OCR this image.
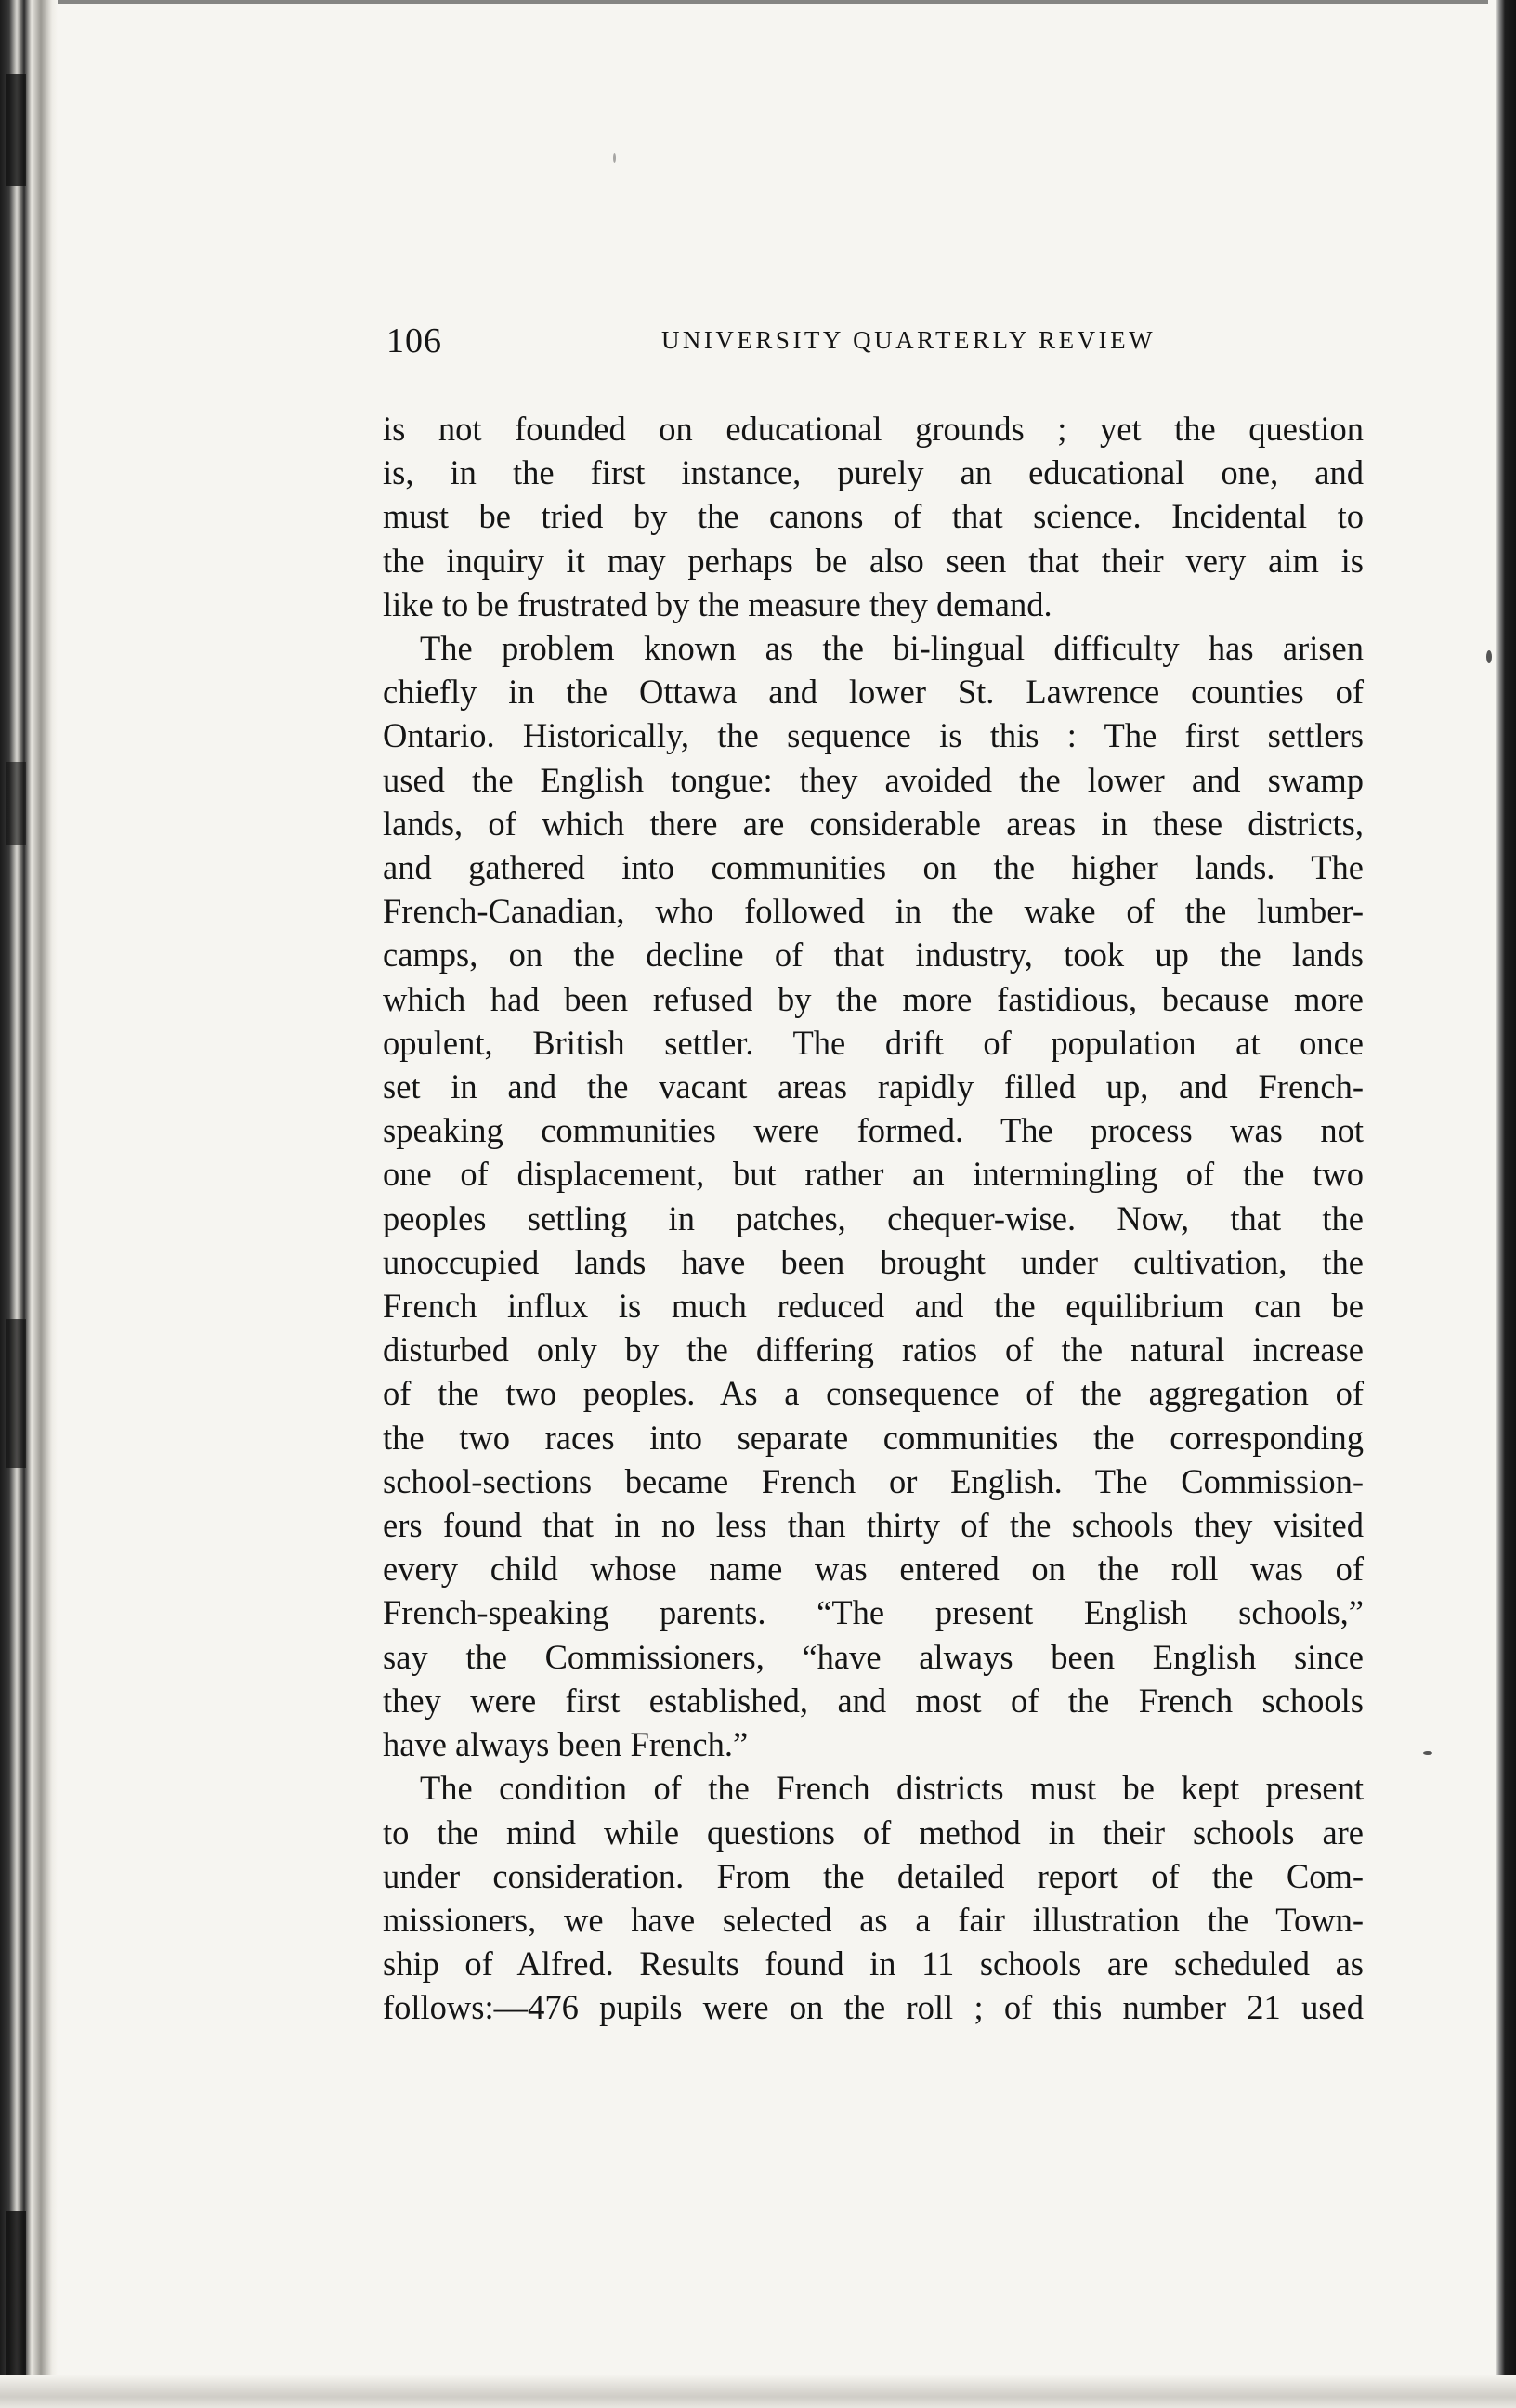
106	UNIVERSITY QUARTERLY REVIEW
is not founded on educational grounds ; yet the question
is, in the first instance, purely an educational one, and
must be tried by the canons of that science. Incidental to
the inquiry it may perhaps be also seen that their very aim is
like to be frustrated by the measure they demand.
The problem known as the bi-lingual difficulty has arisen
chiefly in the Ottawa and lower St. Lawrence counties of
Ontario. Historically, the sequence is this : The first settlers
used the English tongue: they avoided the lower and swamp
lands, of which there are considerable areas in these districts,
and gathered into communities on the higher lands. The
French-Canadian, who followed in the wake of the lumber-
camps, on the decline of that industry, took up the lands
which had been refused by the more fastidious, because more
opulent, British settler. The drift of population at once
set in and the vacant areas rapidly filled up, and French-
speaking communities were formed. The process was not
one of displacement, but rather an intermingling of the two
peoples settling in patches, chequer-wise. Now, that the
unoccupied lands have been brought under cultivation, the
French influx is much reduced and the equilibrium can be
disturbed only by the differing ratios of the natural increase
of the two peoples. As a consequence of the aggregation of
the two races into separate communities the corresponding
school-sections became French or English. The Commission-
ers found that in no less than thirty of the schools they visited
every child whose name was entered on the roll was of
French-speaking parents. “The present English schools,”
say the Commissioners, “have always been English since
they were first established, and most of the French schools
have always been French.”
The condition of the French districts must be kept present
to the mind while questions of method in their schools are
under consideration. From the detailed report of the Com-
missioners, we have selected as a fair illustration the Town-
ship of Alfred. Results found in 11 schools are scheduled as
follows:—476 pupils were on the roll ; of this number 21 used
